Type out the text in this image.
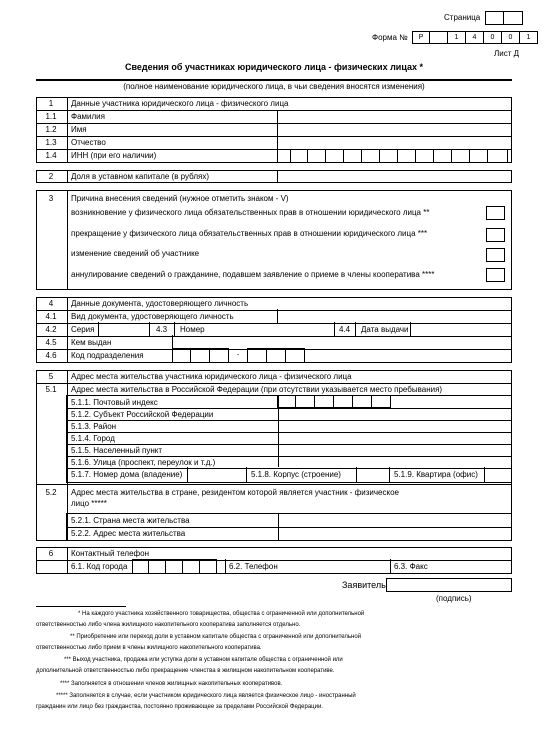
Страница
Форма №	Р	1	4	0	0	1
Лист Д
Сведения об участниках юридического лица - физических лицах *
(полное наименование юридического лица, в чьи сведения вносятся изменения)
1	Данные участника юридического лица - физического лица
1.1	Фамилия
1.2	Имя
1.3	Отчество
1.4	ИНН (при его наличии)
2	Доля в уставном капитале (в рублях)
3	Причина внесения сведений (нужное отметить знаком - V)
возникновение у физического лица обязательственных прав в отношении юридического лица **
прекращение у физического лица обязательственных прав в отношении юридического лица ***
изменение сведений об участнике
аннулирование сведений о гражданине, подавшем заявление о приеме в члены кооператива ****
4	Данные документа, удостоверяющего личность
4.1	Вид документа, удостоверяющего личность
4.2	Серия	4.3 Номер	4.4 Дата выдачи
4.5	Кем выдан
4.6	Код подразделения	-
5	Адрес места жительства участника юридического лица - физического лица
5.1	Адрес места жительства в Российской Федерации (при отсутствии указывается место пребывания)
5.1.1. Почтовый индекс
5.1.2. Субъект Российской Федерации
5.1.3. Район
5.1.4. Город
5.1.5. Населенный пункт
5.1.6. Улица (проспект, переулок и т.д.)
5.1.7. Номер дома (владение)	5.1.8. Корпус (строение)	5.1.9. Квартира (офис)
5.2	Адрес места жительства в стране, резидентом которой является участник - физическое
лицо *****
5.2.1. Страна места жительства
5.2.2. Адрес места жительства
6	Контактный телефон
6.1. Код города	6.2. Телефон	6.3. Факс
Заявитель
(подпись)
* На каждого участника хозяйственного товарищества, общества с ограниченной или дополнительной
ответственностью либо члена жилищного накопительного кооператива заполняется отдельно.
** Приобретение или переход доли в уставном капитале общества с ограниченной или дополнительной
ответственностью либо прием в члены жилищного накопительного кооператива.
*** Выход участника, продажа или уступка доли в уставном капитале общества с ограниченной или
дополнительной ответственностью либо прекращение членства в жилищном накопительном кооперативе.
**** Заполняется в отношении членов жилищных накопительных кооперативов.
***** Заполняется в случае, если участником юридического лица является физическое лицо - иностранный
гражданин или лицо без гражданства, постоянно проживающее за пределами Российской Федерации.
